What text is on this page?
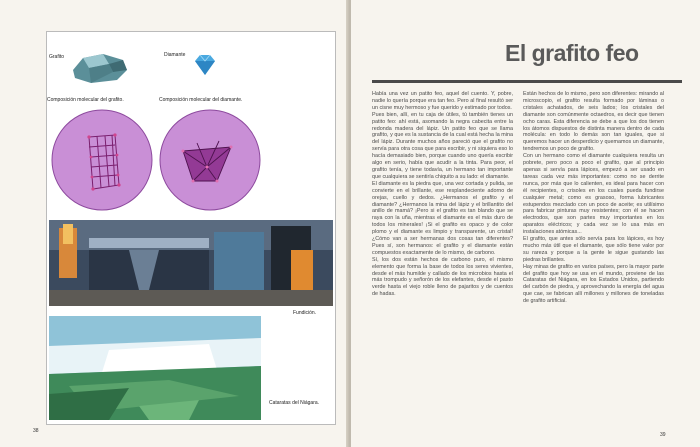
Grafito	Diamante
Composición molecular del grafito.	Composición molecular del diamante.
Fundición.
Cataratas del Niágara.
38
El grafito feo

Había una vez un patito feo, aquel del cuento. Y, pobre, nadie lo quería porque era tan feo. Pero al final resultó ser un cisne muy hermoso y fue querido y estimado por todos.

Pues bien, allí, en tu caja de útiles, tú también tienes un patito feo: ahí está, asomando la negra cabecita entre la redonda madera del lápiz. Un patito feo que se llama grafito, y que es la sustancia de la cual está hecha la mina del lápiz. Durante muchos años pareció que el grafito no servía para otra cosa que para escribir, y ni siquiera eso lo hacía demasiado bien, porque cuando uno quería escribir algo en serio, había que acudir a la tinta. Para peor, el grafito tenía, y tiene todavía, un hermano tan importante que cualquiera se sentiría chiquito a su lado: el diamante.

El diamante es la piedra que, una vez cortada y pulida, se convierte en el brillante, ese resplandeciente adorno de orejas, cuello y dedos. ¿Hermanos el grafito y el diamante? ¿Hermanos la mina del lápiz y el brillantito del anillo de mamá? ¡Pero si el grafito es tan blando que se raya con la uña, mientras el diamante es el más duro de todos los minerales! ¡Si el grafito es opaco y de color plomo y el diamante es limpio y transparente, un cristal! ¿Cómo van a ser hermanas dos cosas tan diferentes? Pues sí, son hermanos: el grafito y el diamante están compuestos exactamente de lo mismo, de carbono.

Sí, los dos están hechos de carbono puro, el mismo elemento que forma la base de todos los seres vivientes, desde el más humilde y callado de los microbios hasta el más trompudo y señorón de los elefantes, desde el pasto verde hasta el viejo roble lleno de pajaritos y de cuentos de hadas.

Están hechos de lo mismo, pero son diferentes: mirando al microscopio, el grafito resulta formado por láminas o cristales achatados, de seis lados; los cristales del diamante son comúnmente octaedros, es decir que tienen ocho caras. Esta diferencia se debe a que los dos tienen los átomos dispuestos de distinta manera dentro de cada molécula: en todo lo demás son tan iguales, que si queremos hacer un desperdicio y quemamos un diamante, tendremos un poco de grafito.

Con un hermano como el diamante cualquiera resulta un pobrete, pero poco a poco el grafito, que al principio apenas si servía para lápices, empezó a ser usado en tareas cada vez más importantes: como no se derrite nunca, por más que lo calienten, es ideal para hacer con él recipientes, o crisoles en los cuales pueda fundirse cualquier metal; como es grasoso, forma lubricantes estupendos mezclado con un poco de aceite; es utilísimo para fabricar pinturas muy resistentes; con él se hacen electrodos, que son partes muy importantes en los aparatos eléctricos; y cada vez se lo usa más en instalaciones atómicas...

El grafito, que antes sólo servía para los lápices, es hoy mucho más útil que el diamante, que sólo tiene valor por su rareza y porque a la gente le sigue gustando las piedras brillantes.

Hay minas de grafito en varios países, pero la mayor parte del grafito que hoy se usa en el mundo, proviene de las Cataratas del Niágara, en los Estados Unidos, partiendo del carbón de piedra, y aprovechando la energía del agua que cae, se fabrican allí millones y millones de toneladas de grafito artificial.

39
